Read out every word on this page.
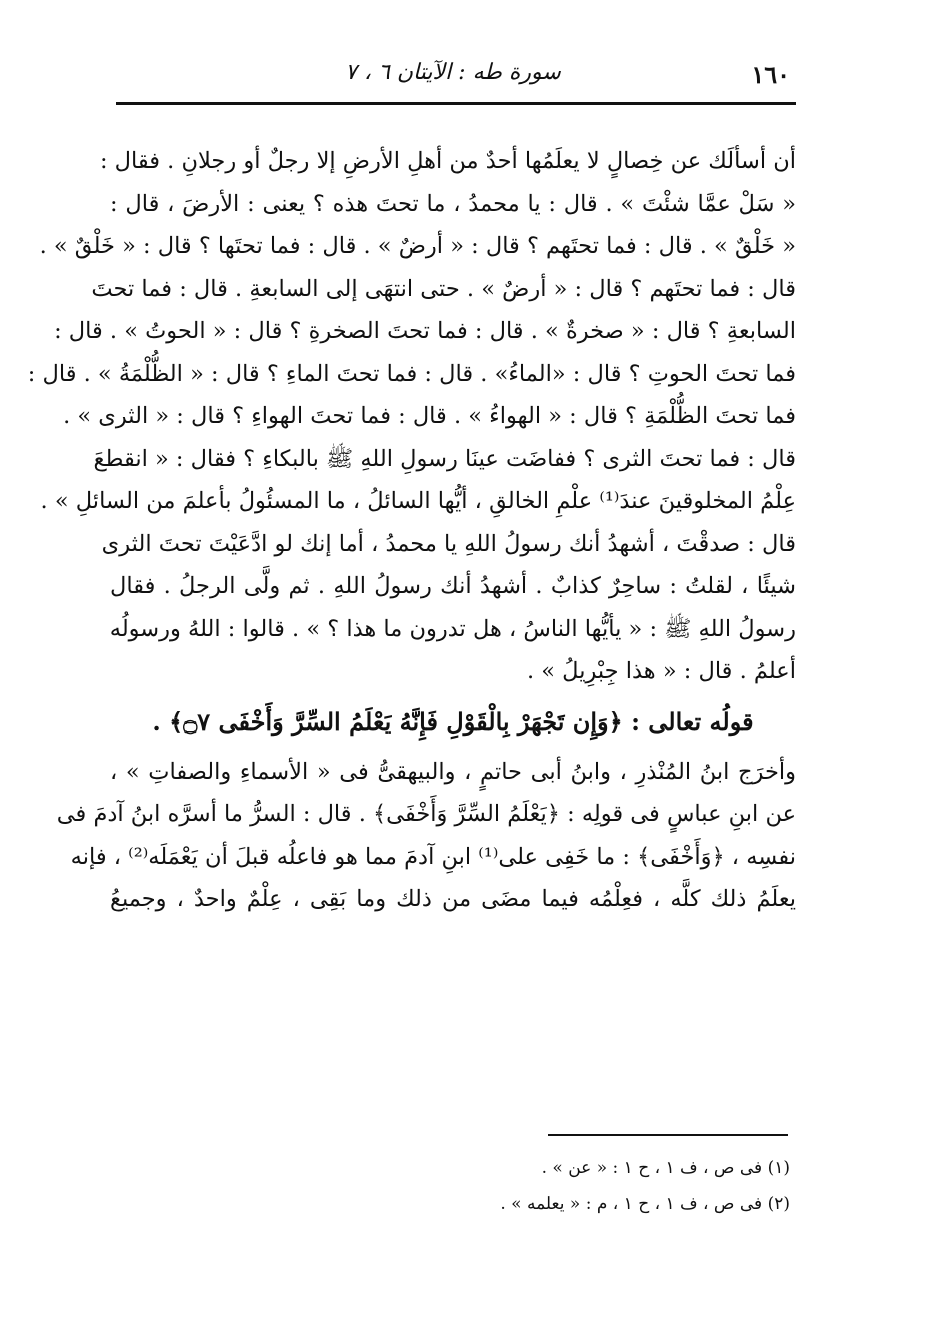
١٦٠
سورة طه : الآيتان ٦ ، ٧
أن أسألَك عن خِصالٍ لا يعلَمُها أحدٌ من أهلِ الأرضِ إلا رجلٌ أو رجلانِ . فقال :
« سَلْ عمَّا شئْتَ » . قال : يا محمدُ ، ما تحتَ هذه ؟ يعنى : الأرضَ ، قال :
« خَلْقٌ » . قال : فما تحتَهم ؟ قال : « أرضٌ » . قال : فما تحتَها ؟ قال : « خَلْقٌ » .
قال : فما تحتَهم ؟ قال : « أرضٌ » . حتى انتهَى إلى السابعةِ . قال : فما تحتَ
السابعةِ ؟ قال : « صخرةٌ » . قال : فما تحتَ الصخرةِ ؟ قال : « الحوتُ » . قال :
فما تحتَ الحوتِ ؟ قال : «الماءُ» . قال : فما تحتَ الماءِ ؟ قال : « الظُّلْمَةُ » . قال :
فما تحتَ الظُّلْمَةِ ؟ قال : « الهواءُ » . قال : فما تحتَ الهواءِ ؟ قال : « الثرى » .
قال : فما تحتَ الثرى ؟ ففاضَت عينَا رسولِ اللهِ ﷺ بالبكاءِ ؟ فقال : « انقطعَ
عِلْمُ المخلوقينَ عندَ⁽¹⁾ علْمِ الخالقِ ، أيُّها السائلُ ، ما المسئُولُ بأعلمَ من السائلِ » .
قال : صدقْتَ ، أشهدُ أنك رسولُ اللهِ يا محمدُ ، أما إنك لو ادَّعَيْتَ تحتَ الثرى
شيئًا ، لقلتُ : ساحِرٌ كذابٌ . أشهدُ أنك رسولُ اللهِ . ثم ولَّى الرجلُ . فقال
رسولُ اللهِ ﷺ : « يأيُّها الناسُ ، هل تدرون ما هذا ؟ » . قالوا : اللهُ ورسولُه
أعلمُ . قال : « هذا جِبْرِيلُ » .
قولُه تعالى : ﴿وَإِن تَجْهَرْ بِالْقَوْلِ فَإِنَّهُ يَعْلَمُ السِّرَّ وَأَخْفَى ۝٧﴾ .
وأخرَج ابنُ المُنْذرِ ، وابنُ أبى حاتمٍ ، والبيهقىُّ فى « الأسماءِ والصفاتِ » ،
عن ابنِ عباسٍ فى قولِه : ﴿يَعْلَمُ السِّرَّ وَأَخْفَى﴾ . قال : السرُّ ما أسرَّه ابنُ آدمَ فى
نفسِه ، ﴿وَأَخْفَى﴾ : ما خَفِى على⁽¹⁾ ابنِ آدمَ مما هو فاعلُه قبلَ أن يَعْمَلَه⁽²⁾ ، فإنه
يعلَمُ ذلك كلَّه ، فعِلْمُه فيما مضَى من ذلك وما بَقِى ، عِلْمٌ واحدٌ ، وجميعُ
(١) فى ص ، ف ١ ، ح ١ : « عن » .
(٢) فى ص ، ف ١ ، ح ١ ، م : « يعلمه » .
